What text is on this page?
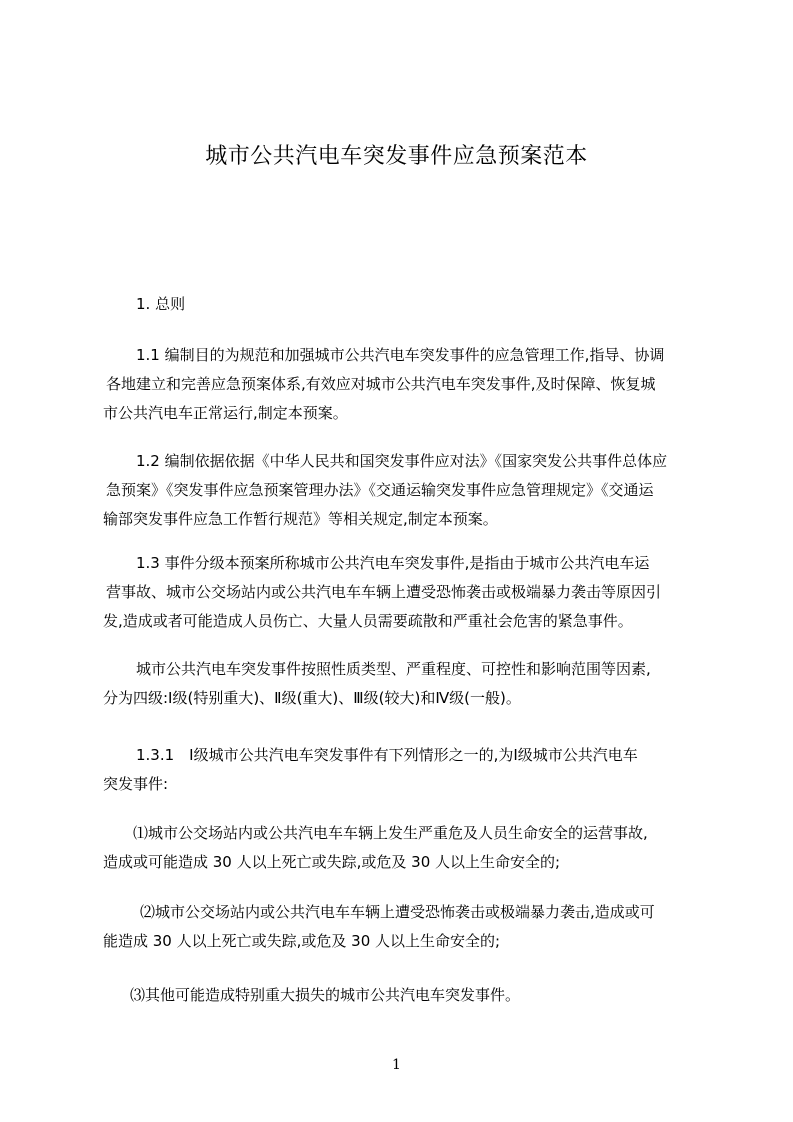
城市公共汽电车突发事件应急预案范本
1. 总则
1.1 编制目的为规范和加强城市公共汽电车突发事件的应急管理工作,指导、协调
各地建立和完善应急预案体系,有效应对城市公共汽电车突发事件,及时保障、恢复城
市公共汽电车正常运行,制定本预案。
1.2 编制依据依据《中华人民共和国突发事件应对法》《国家突发公共事件总体应
急预案》《突发事件应急预案管理办法》《交通运输突发事件应急管理规定》《交通运
输部突发事件应急工作暂行规范》等相关规定,制定本预案。
1.3 事件分级本预案所称城市公共汽电车突发事件,是指由于城市公共汽电车运
营事故、城市公交场站内或公共汽电车车辆上遭受恐怖袭击或极端暴力袭击等原因引
发,造成或者可能造成人员伤亡、大量人员需要疏散和严重社会危害的紧急事件。
城市公共汽电车突发事件按照性质类型、严重程度、可控性和影响范围等因素,
分为四级:Ⅰ级(特别重大)、Ⅱ级(重大)、Ⅲ级(较大)和Ⅳ级(一般)。
1.3.1　Ⅰ级城市公共汽电车突发事件有下列情形之一的,为Ⅰ级城市公共汽电车
突发事件:
⑴城市公交场站内或公共汽电车车辆上发生严重危及人员生命安全的运营事故,
造成或可能造成 30 人以上死亡或失踪,或危及 30 人以上生命安全的;
⑵城市公交场站内或公共汽电车车辆上遭受恐怖袭击或极端暴力袭击,造成或可
能造成 30 人以上死亡或失踪,或危及 30 人以上生命安全的;
⑶其他可能造成特别重大损失的城市公共汽电车突发事件。
1
